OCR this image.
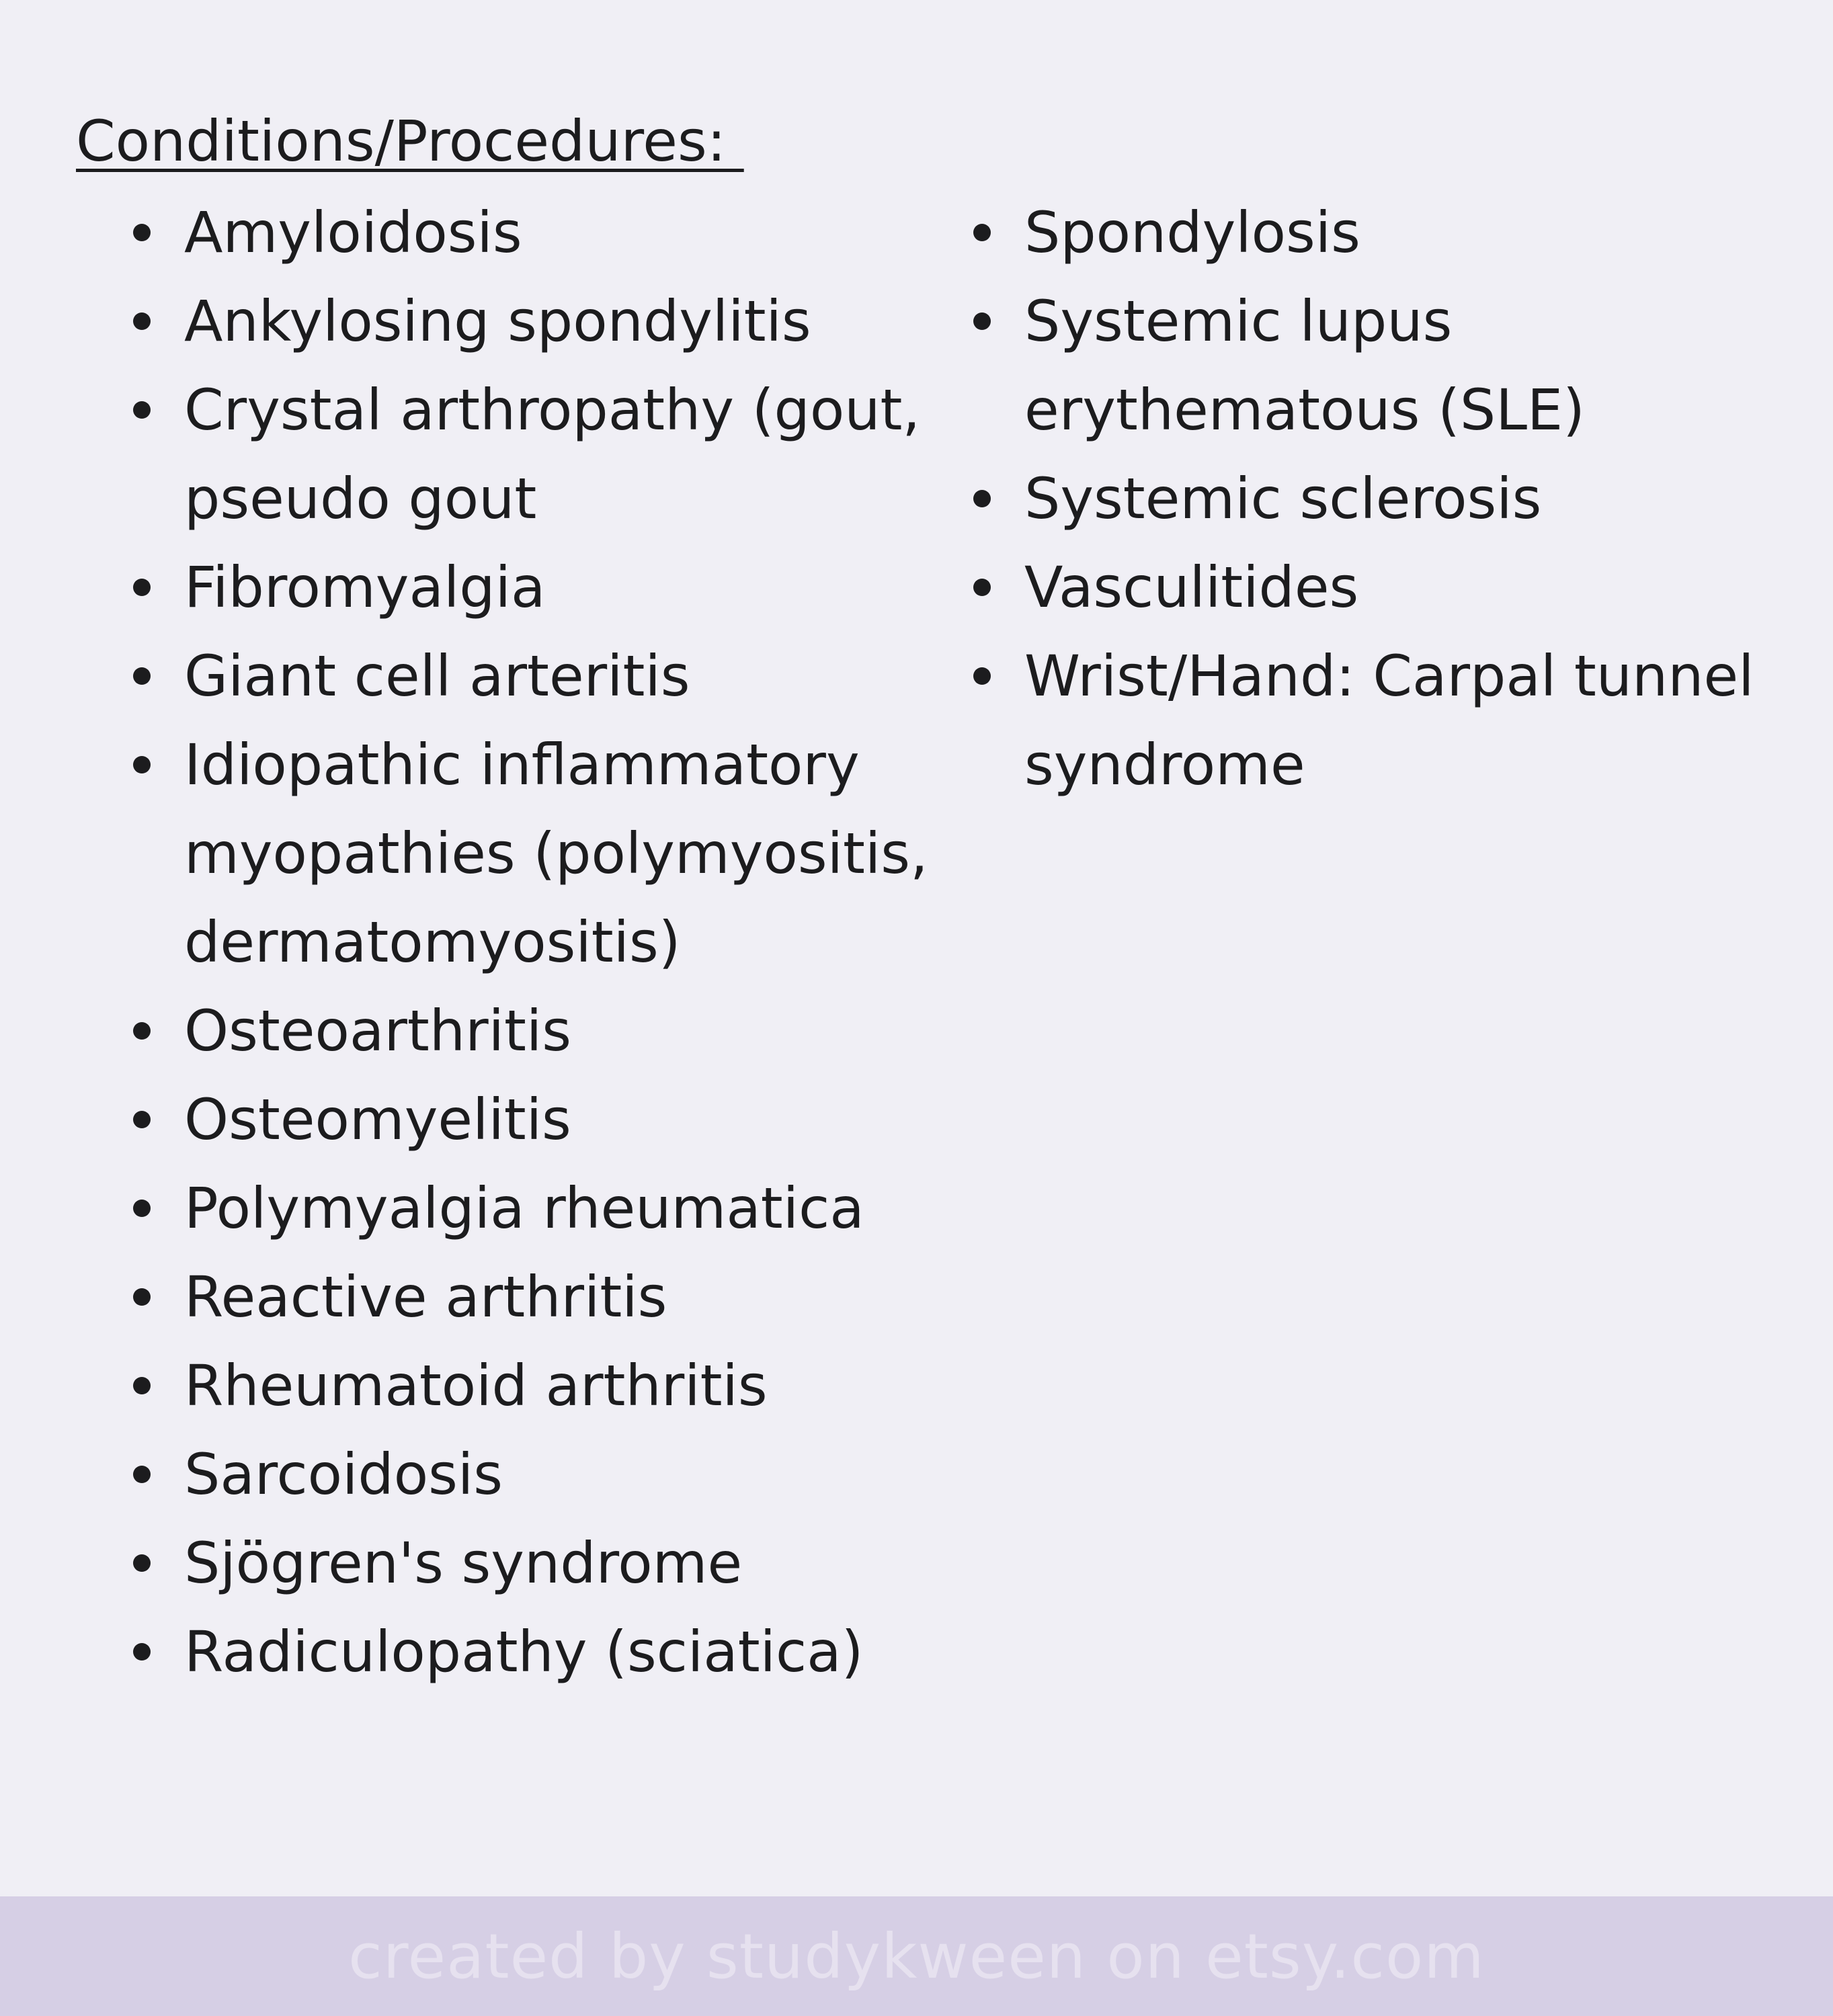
Conditions/Procedures:
Amyloidosis
Ankylosing spondylitis
Crystal arthropathy (gout, pseudo gout
Fibromyalgia
Giant cell arteritis
Idiopathic inflammatory myopathies (polymyositis, dermatomyositis)
Osteoarthritis
Osteomyelitis
Polymyalgia rheumatica
Reactive arthritis
Rheumatoid arthritis
Sarcoidosis
Sjögren's syndrome
Radiculopathy (sciatica)
Spondylosis
Systemic lupus erythematous (SLE)
Systemic sclerosis
Vasculitides
Wrist/Hand: Carpal tunnel syndrome
created by studykween on etsy.com
